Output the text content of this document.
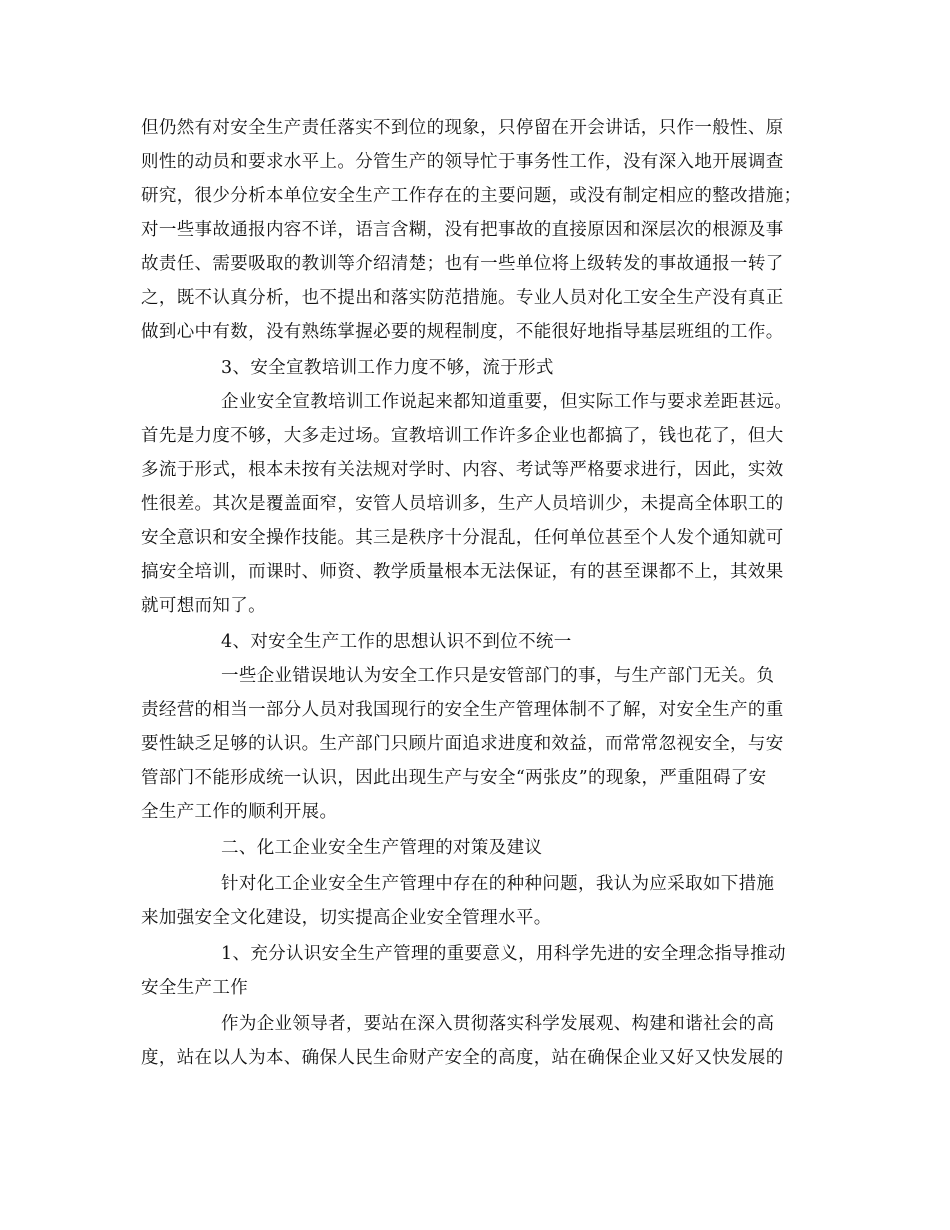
但仍然有对安全生产责任落实不到位的现象，只停留在开会讲话，只作一般性、原
则性的动员和要求水平上。分管生产的领导忙于事务性工作，没有深入地开展调查
研究，很少分析本单位安全生产工作存在的主要问题，或没有制定相应的整改措施；
对一些事故通报内容不详，语言含糊，没有把事故的直接原因和深层次的根源及事
故责任、需要吸取的教训等介绍清楚；也有一些单位将上级转发的事故通报一转了
之，既不认真分析，也不提出和落实防范措施。专业人员对化工安全生产没有真正
做到心中有数，没有熟练掌握必要的规程制度，不能很好地指导基层班组的工作。
3、安全宣教培训工作力度不够，流于形式
企业安全宣教培训工作说起来都知道重要，但实际工作与要求差距甚远。
首先是力度不够，大多走过场。宣教培训工作许多企业也都搞了，钱也花了，但大
多流于形式，根本未按有关法规对学时、内容、考试等严格要求进行，因此，实效
性很差。其次是覆盖面窄，安管人员培训多，生产人员培训少，未提高全体职工的
安全意识和安全操作技能。其三是秩序十分混乱，任何单位甚至个人发个通知就可
搞安全培训，而课时、师资、教学质量根本无法保证，有的甚至课都不上，其效果
就可想而知了。
4、对安全生产工作的思想认识不到位不统一
一些企业错误地认为安全工作只是安管部门的事，与生产部门无关。负
责经营的相当一部分人员对我国现行的安全生产管理体制不了解，对安全生产的重
要性缺乏足够的认识。生产部门只顾片面追求进度和效益，而常常忽视安全，与安
管部门不能形成统一认识，因此出现生产与安全“两张皮”的现象，严重阻碍了安
全生产工作的顺利开展。
二、化工企业安全生产管理的对策及建议
针对化工企业安全生产管理中存在的种种问题，我认为应采取如下措施
来加强安全文化建设，切实提高企业安全管理水平。
1、充分认识安全生产管理的重要意义，用科学先进的安全理念指导推动
安全生产工作
作为企业领导者，要站在深入贯彻落实科学发展观、构建和谐社会的高
度，站在以人为本、确保人民生命财产安全的高度，站在确保企业又好又快发展的
